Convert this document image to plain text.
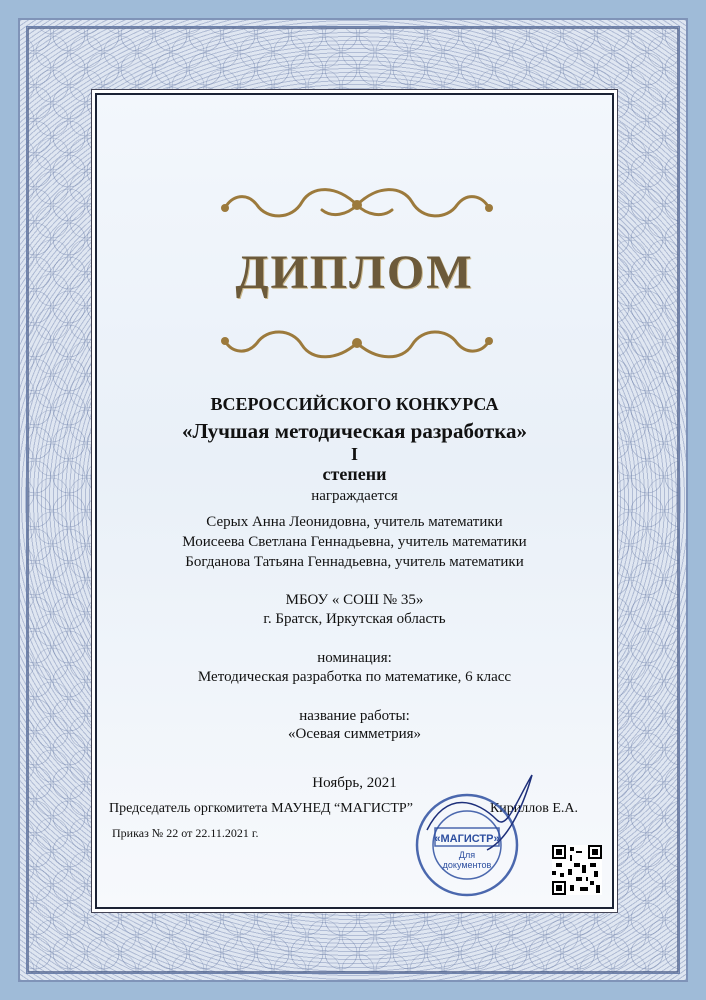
ДИПЛОМ
ВСЕРОССИЙСКОГО КОНКУРСА
«Лучшая методическая разработка»
I
степени
награждается
Серых Анна Леонидовна, учитель математики
Моисеева Светлана Геннадьевна, учитель математики
Богданова Татьяна Геннадьевна, учитель математики
МБОУ « СОШ № 35»
г. Братск, Иркутская область
номинация:
Методическая разработка по математике, 6 класс
название работы:
«Осевая симметрия»
Ноябрь, 2021
Председатель оргкомитета МАУНЕД “МАГИСТР”	Кириллов Е.А.
Приказ № 22 от 22.11.2021 г.	«МАГИСТР»
Для
документов
